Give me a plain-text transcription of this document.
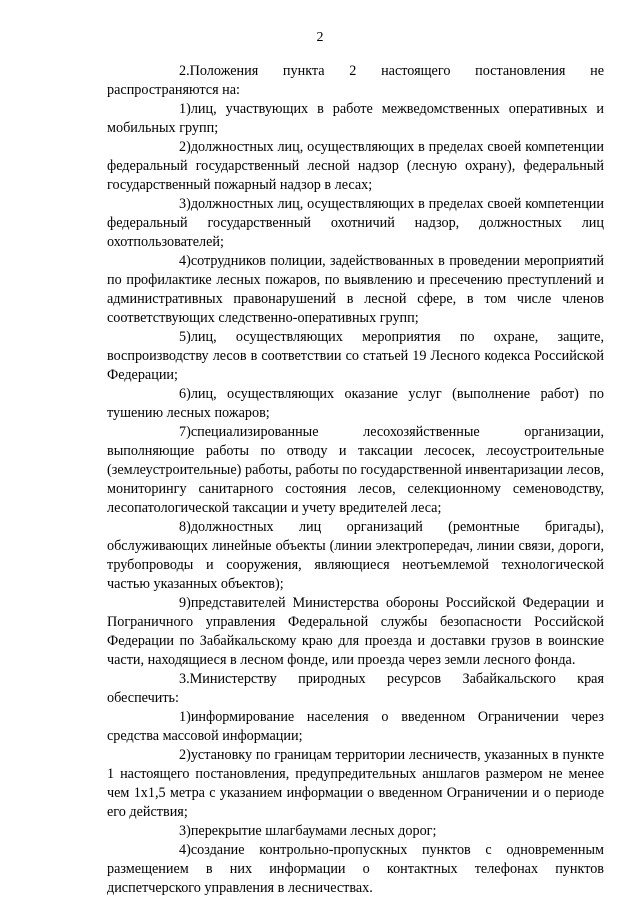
2

2.Положения пункта 2 настоящего постановления не распространяются на:

1)лиц, участвующих в работе межведомственных оперативных и мобильных групп;

2)должностных лиц, осуществляющих в пределах своей компетенции федеральный государственный лесной надзор (лесную охрану), федеральный государственный пожарный надзор в лесах;

3)должностных лиц, осуществляющих в пределах своей компетенции федеральный государственный охотничий надзор, должностных лиц охотпользователей;

4)сотрудников полиции, задействованных в проведении мероприятий по профилактике лесных пожаров, по выявлению и пресечению преступлений и административных правонарушений в лесной сфере, в том числе членов соответствующих следственно-оперативных групп;

5)лиц, осуществляющих мероприятия по охране, защите, воспроизводству лесов в соответствии со статьей 19 Лесного кодекса Российской Федерации;

6)лиц, осуществляющих оказание услуг (выполнение работ) по тушению лесных пожаров;

7)специализированные лесохозяйственные организации, выполняющие работы по отводу и таксации лесосек, лесоустроительные (землеустроительные) работы, работы по государственной инвентаризации лесов, мониторингу санитарного состояния лесов, селекционному семеноводству, лесопатологической таксации и учету вредителей леса;

8)должностных лиц организаций (ремонтные бригады), обслуживающих линейные объекты (линии электропередач, линии связи, дороги, трубопроводы и сооружения, являющиеся неотъемлемой технологической частью указанных объектов);

9)представителей Министерства обороны Российской Федерации и Пограничного управления Федеральной службы безопасности Российской Федерации по Забайкальскому краю для проезда и доставки грузов в воинские части, находящиеся в лесном фонде, или проезда через земли лесного фонда.

3.Министерству природных ресурсов Забайкальского края обеспечить:

1)информирование населения о введенном Ограничении через средства массовой информации;

2)установку по границам территории лесничеств, указанных в пункте 1 настоящего постановления, предупредительных аншлагов размером не менее чем 1x1,5 метра с указанием информации о введенном Ограничении и о периоде его действия;

3)перекрытие шлагбаумами лесных дорог;

4)создание контрольно-пропускных пунктов с одновременным размещением в них информации о контактных телефонах пунктов диспетчерского управления в лесничествах.
